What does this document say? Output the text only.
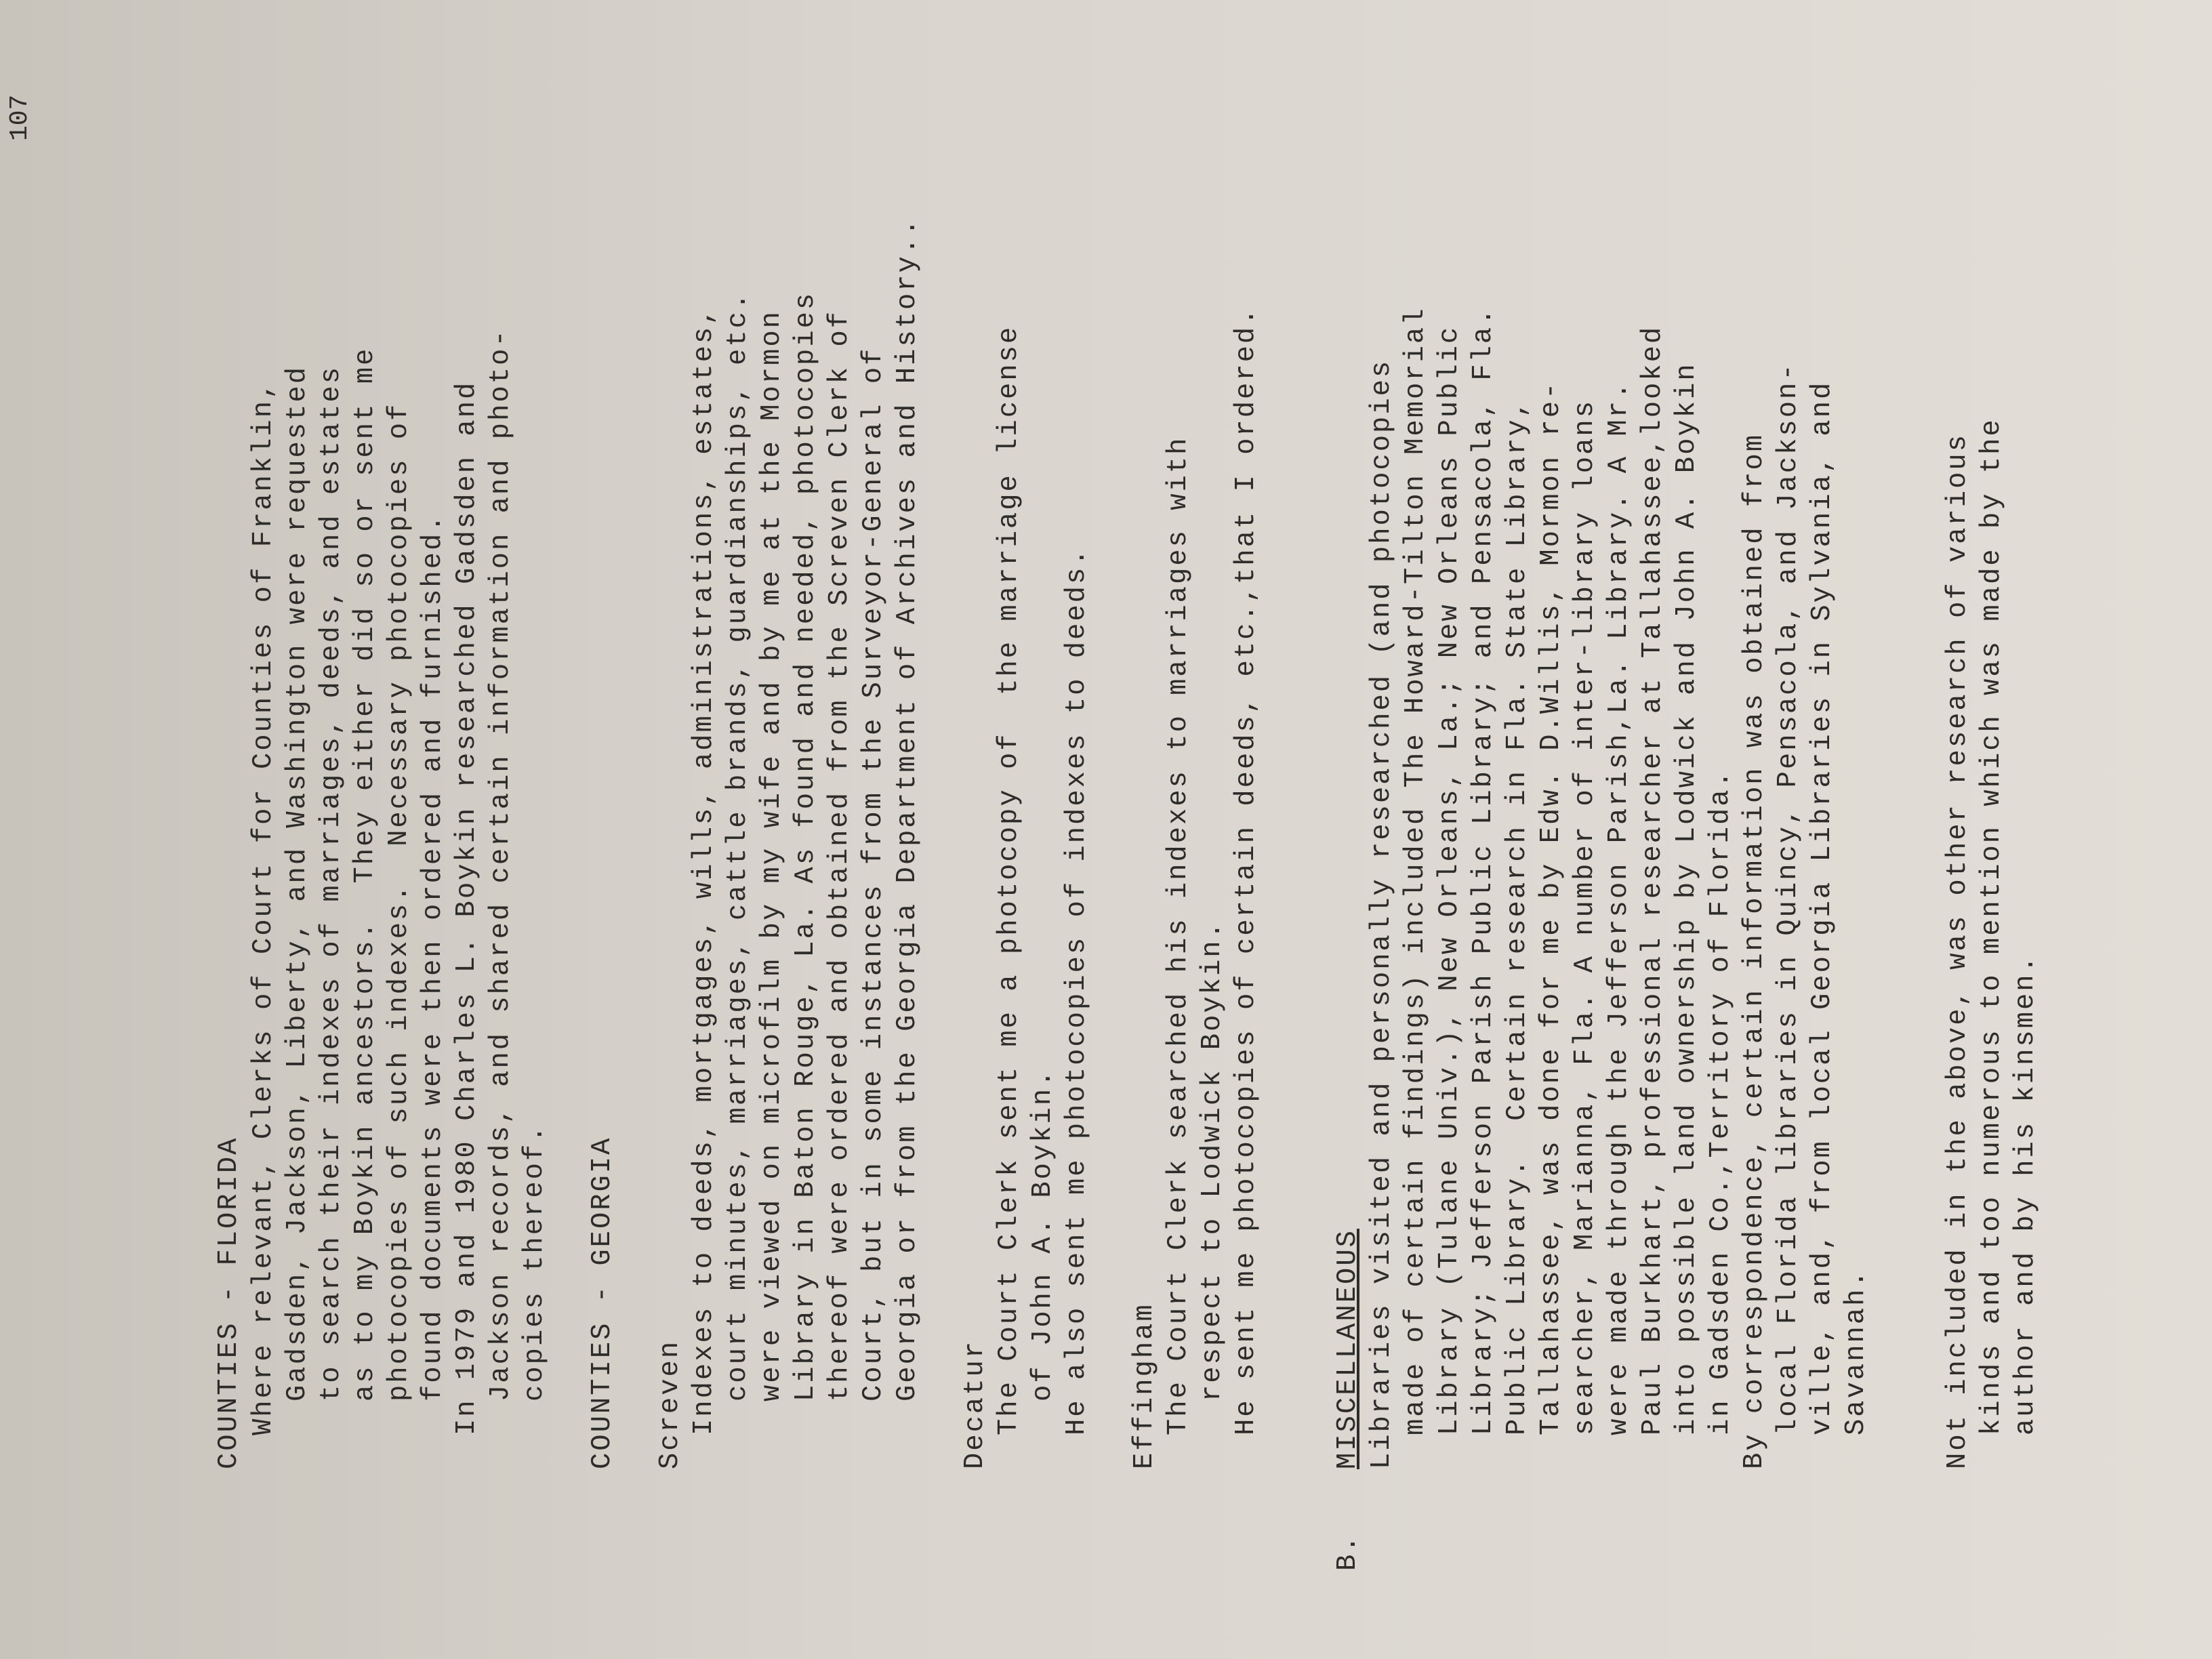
107
COUNTIES - FLORIDA Where relevant, Clerks of Court for Counties of Franklin, Gadsden, Jackson, Liberty, and Washington were requested to search their indexes of marriages, deeds, and estates as to my Boykin ancestors.  They either did so or sent me photocopies of such indexes.  Necessary photocopies of found documents were then ordered and furnished. In 1979 and 1980 Charles L. Boykin researched Gadsden and Jackson records, and shared certain information and photo- copies thereof. COUNTIES - GEORGIA Screven Indexes to deeds, mortgages, wills, administrations, estates, court minutes, marriages, cattle brands, guardianships, etc. were viewed on microfilm by my wife and by me at the Mormon Library in Baton Rouge, La. As found and needed, photocopies thereof were ordered and obtained from the Screven Clerk of Court, but in some instances from the Surveyor-General of Georgia or from the Georgia Department of Archives and History..
Decatur The Court Clerk sent me a photocopy of  the marriage license of John A. Boykin. He also sent me photocopies of indexes to deeds. Effingham The Court Clerk searched his indexes to marriages with respect to Lodwick Boykin. He sent me photocopies of certain deeds, etc.,that I ordered.
B.
MISCELLANEOUS Libraries visited and personally researched (and photocopies made of certain findings) included The Howard-Tilton Memorial Library (Tulane Univ.), New Orleans, La.; New Orleans Public Library; Jefferson Parish Public Library; and Pensacola, Fla. Public Library.  Certain research in Fla. State Library, Tallahassee, was done for me by Edw. D.Willis, Mormon re- searcher, Marianna, Fla. A number of inter-library loans were made through the Jefferson Parish,La. Library. A Mr. Paul Burkhart, professional researcher at Tallahassee,looked into possible land ownership by Lodwick and John A. Boykin in Gadsden Co.,Territory of Florida. By correspondence, certain information was obtained from local Florida libraries in Quincy, Pensacola, and Jackson- ville, and, from local Georgia Libraries in Sylvania, and Savannah.	Not included in the above, was other research of various kinds and too numerous to mention which was made by the author and by his kinsmen.
